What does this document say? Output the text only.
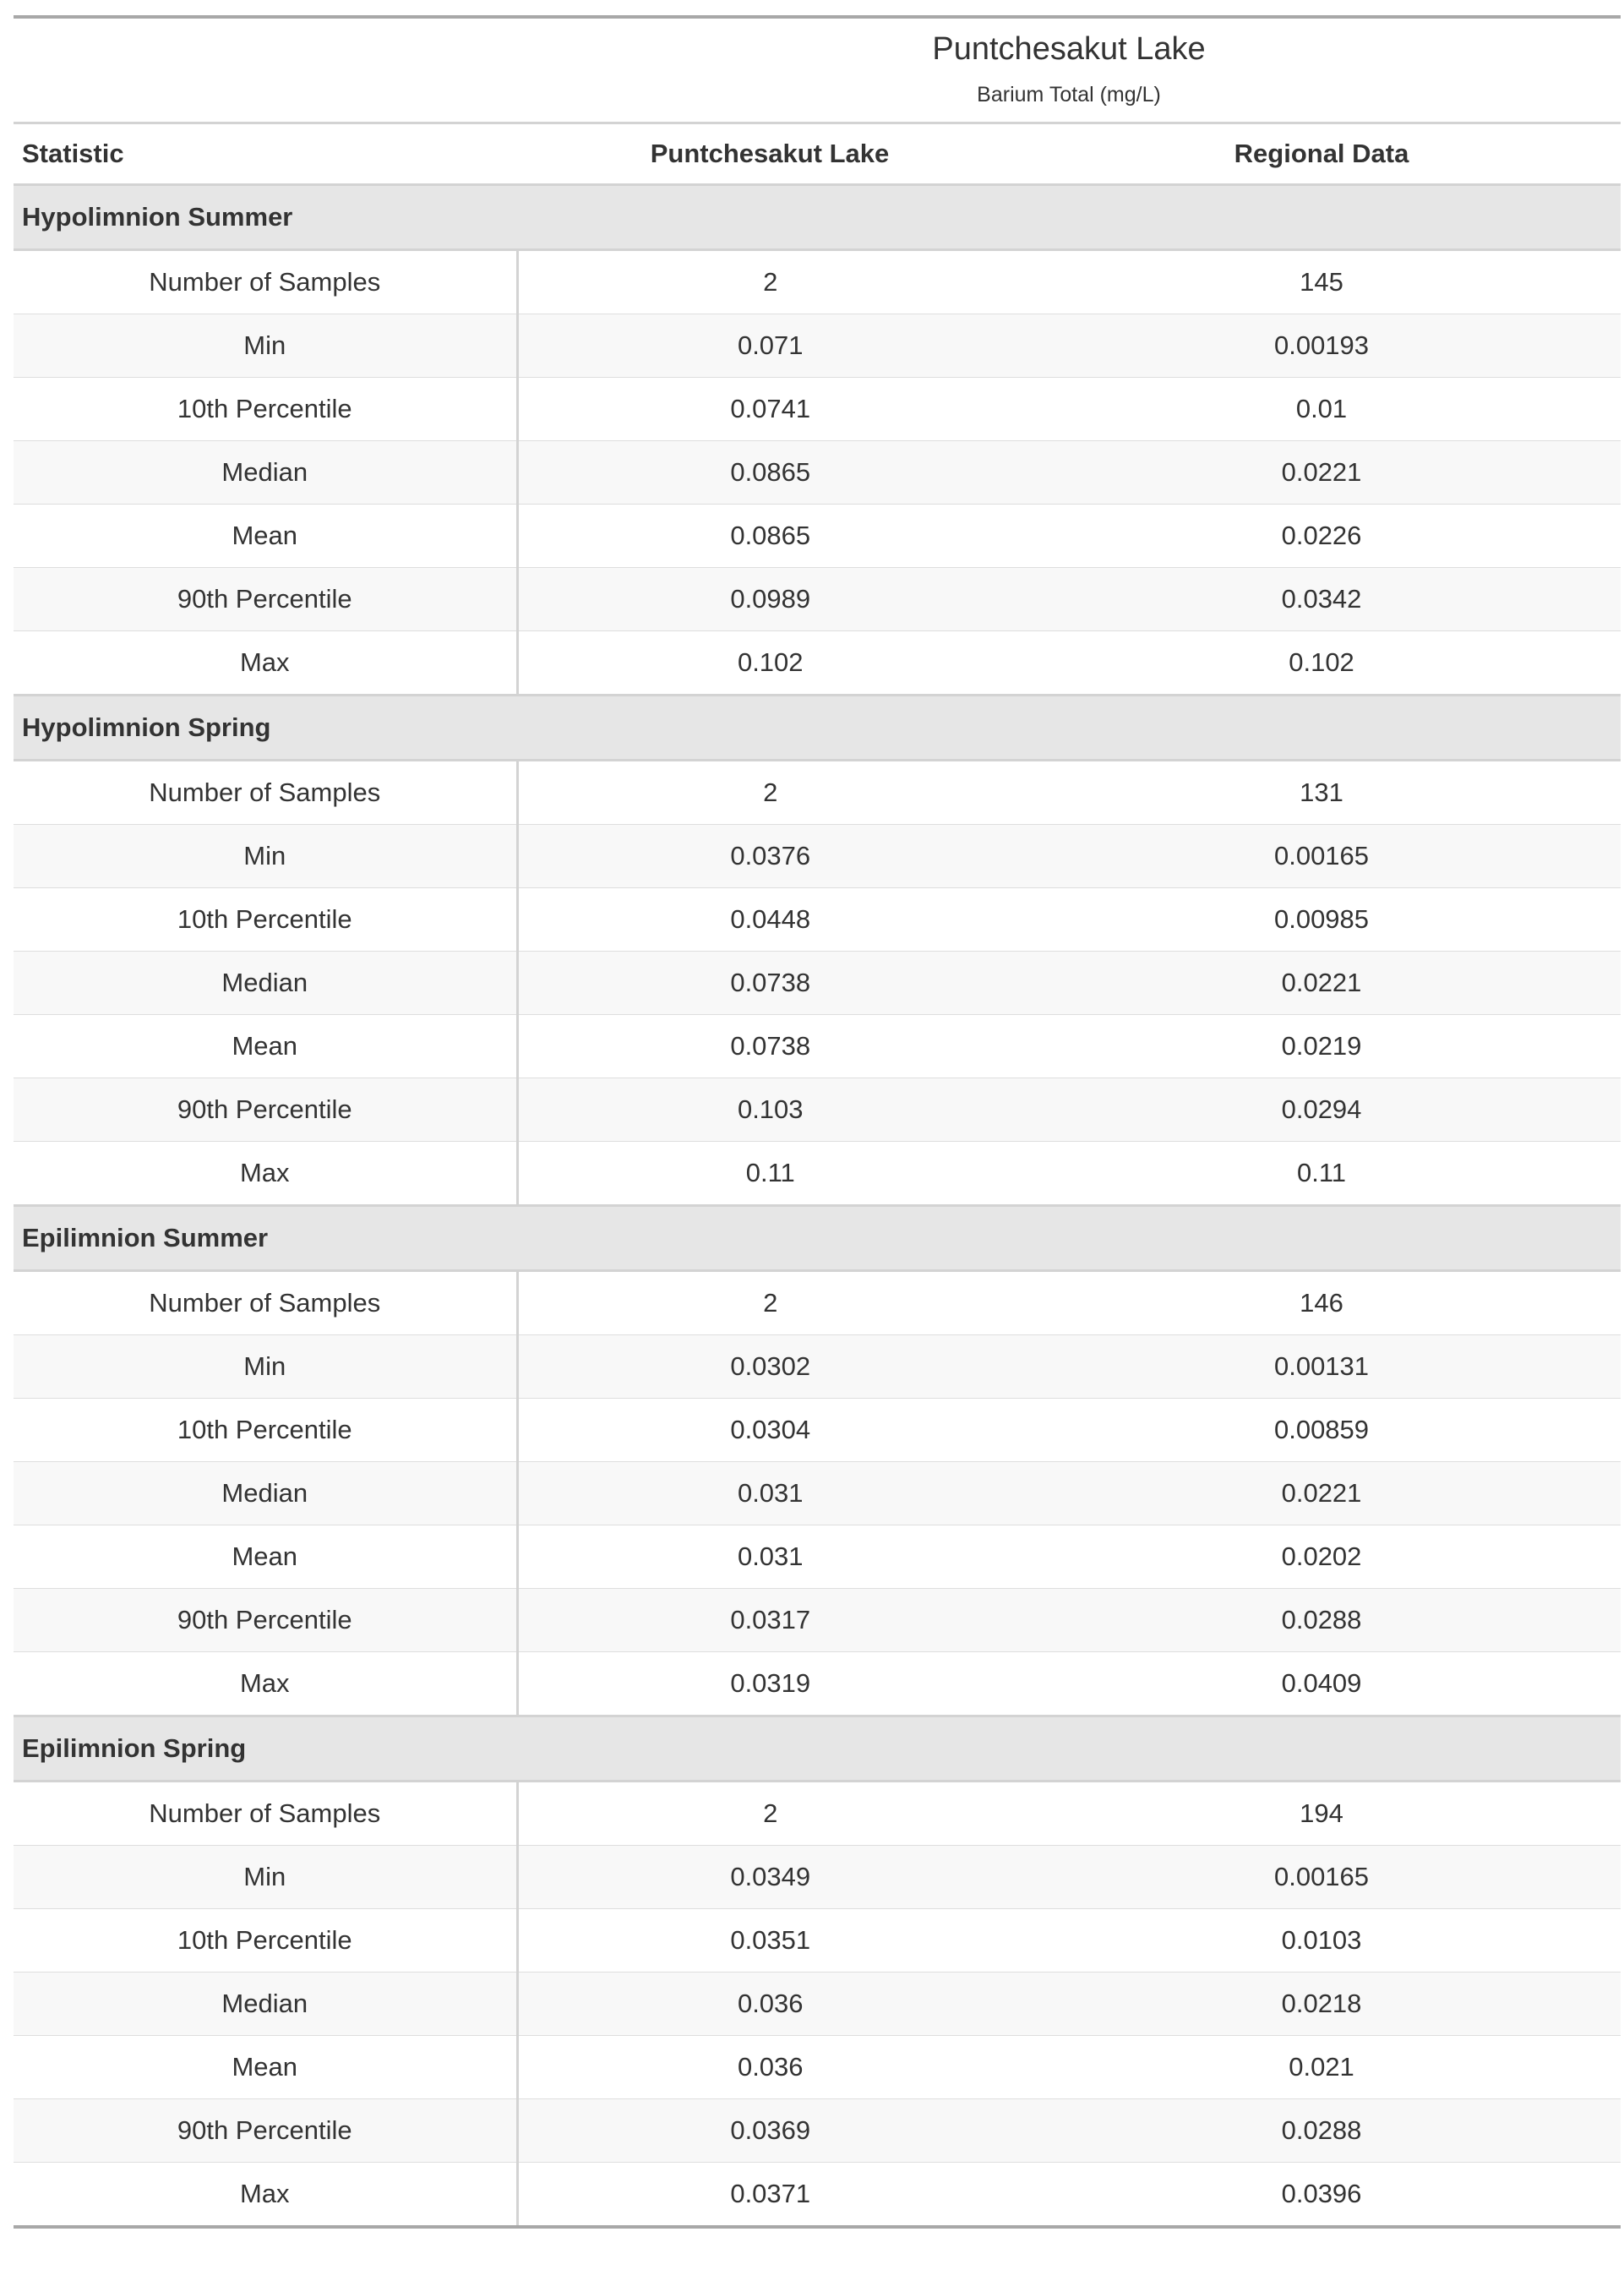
	Puntchesakut Lake	
	Barium Total (mg/L)	
Statistic	Puntchesakut Lake	Regional Data
Hypolimnion Summer		
Number of Samples	2	145
Min	0.071	0.00193
10th Percentile	0.0741	0.01
Median	0.0865	0.0221
Mean	0.0865	0.0226
90th Percentile	0.0989	0.0342
Max	0.102	0.102
Hypolimnion Spring		
Number of Samples	2	131
Min	0.0376	0.00165
10th Percentile	0.0448	0.00985
Median	0.0738	0.0221
Mean	0.0738	0.0219
90th Percentile	0.103	0.0294
Max	0.11	0.11
Epilimnion Summer		
Number of Samples	2	146
Min	0.0302	0.00131
10th Percentile	0.0304	0.00859
Median	0.031	0.0221
Mean	0.031	0.0202
90th Percentile	0.0317	0.0288
Max	0.0319	0.0409
Epilimnion Spring		
Number of Samples	2	194
Min	0.0349	0.00165
10th Percentile	0.0351	0.0103
Median	0.036	0.0218
Mean	0.036	0.021
90th Percentile	0.0369	0.0288
Max	0.0371	0.0396
